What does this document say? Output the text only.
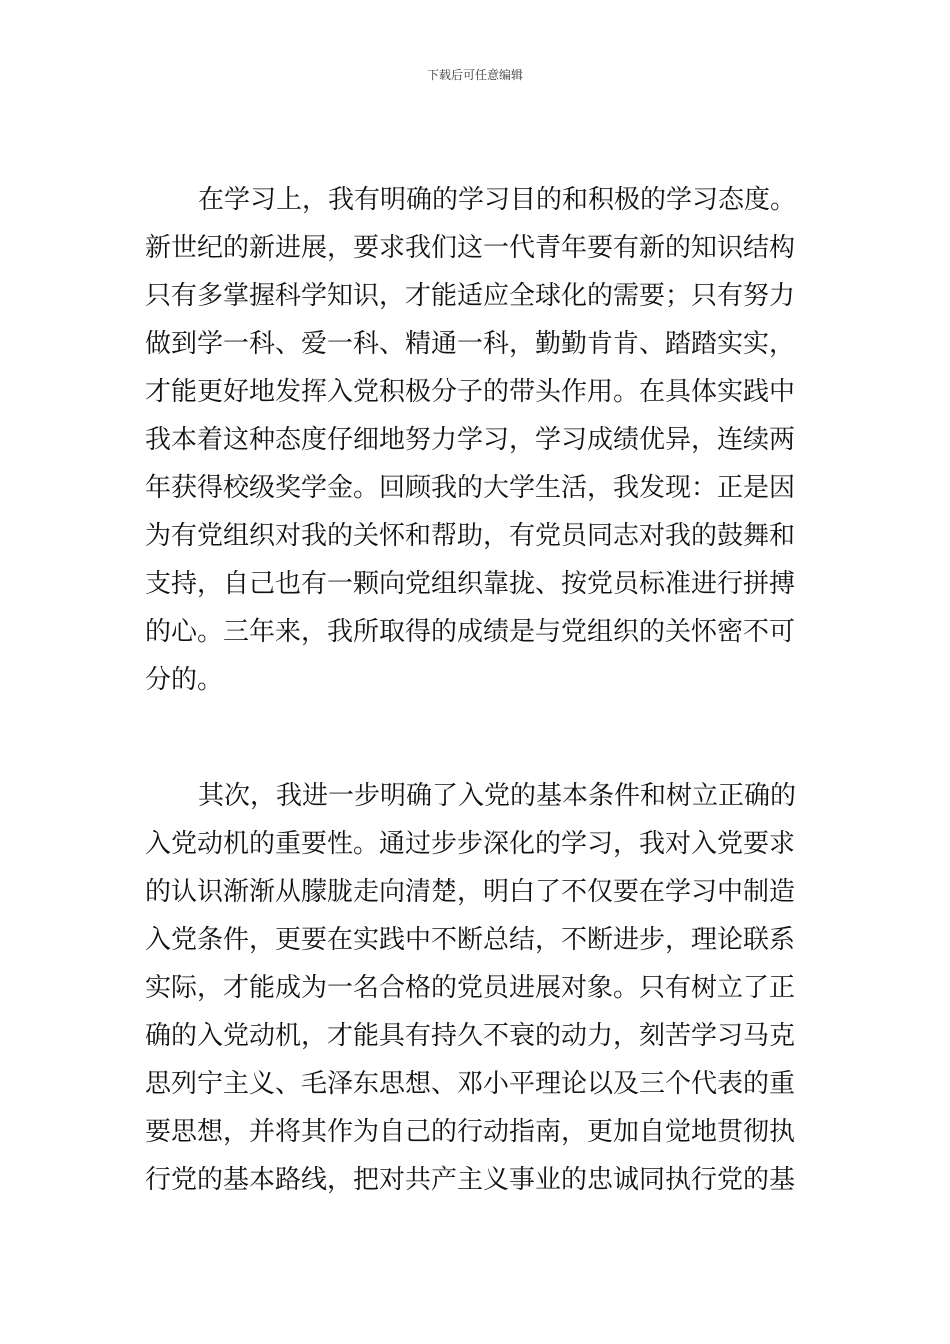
下载后可任意编辑
在学习上，我有明确的学习目的和积极的学习态度。
新世纪的新进展，要求我们这一代青年要有新的知识结构
只有多掌握科学知识，才能适应全球化的需要；只有努力
做到学一科、爱一科、精通一科，勤勤肯肯、踏踏实实，
才能更好地发挥入党积极分子的带头作用。在具体实践中
我本着这种态度仔细地努力学习，学习成绩优异，连续两
年获得校级奖学金。回顾我的大学生活，我发现：正是因
为有党组织对我的关怀和帮助，有党员同志对我的鼓舞和
支持，自己也有一颗向党组织靠拢、按党员标准进行拼搏
的心。三年来，我所取得的成绩是与党组织的关怀密不可
分的。
其次，我进一步明确了入党的基本条件和树立正确的
入党动机的重要性。通过步步深化的学习，我对入党要求
的认识渐渐从朦胧走向清楚，明白了不仅要在学习中制造
入党条件，更要在实践中不断总结，不断进步，理论联系
实际，才能成为一名合格的党员进展对象。只有树立了正
确的入党动机，才能具有持久不衰的动力，刻苦学习马克
思列宁主义、毛泽东思想、邓小平理论以及三个代表的重
要思想，并将其作为自己的行动指南，更加自觉地贯彻执
行党的基本路线，把对共产主义事业的忠诚同执行党的基
